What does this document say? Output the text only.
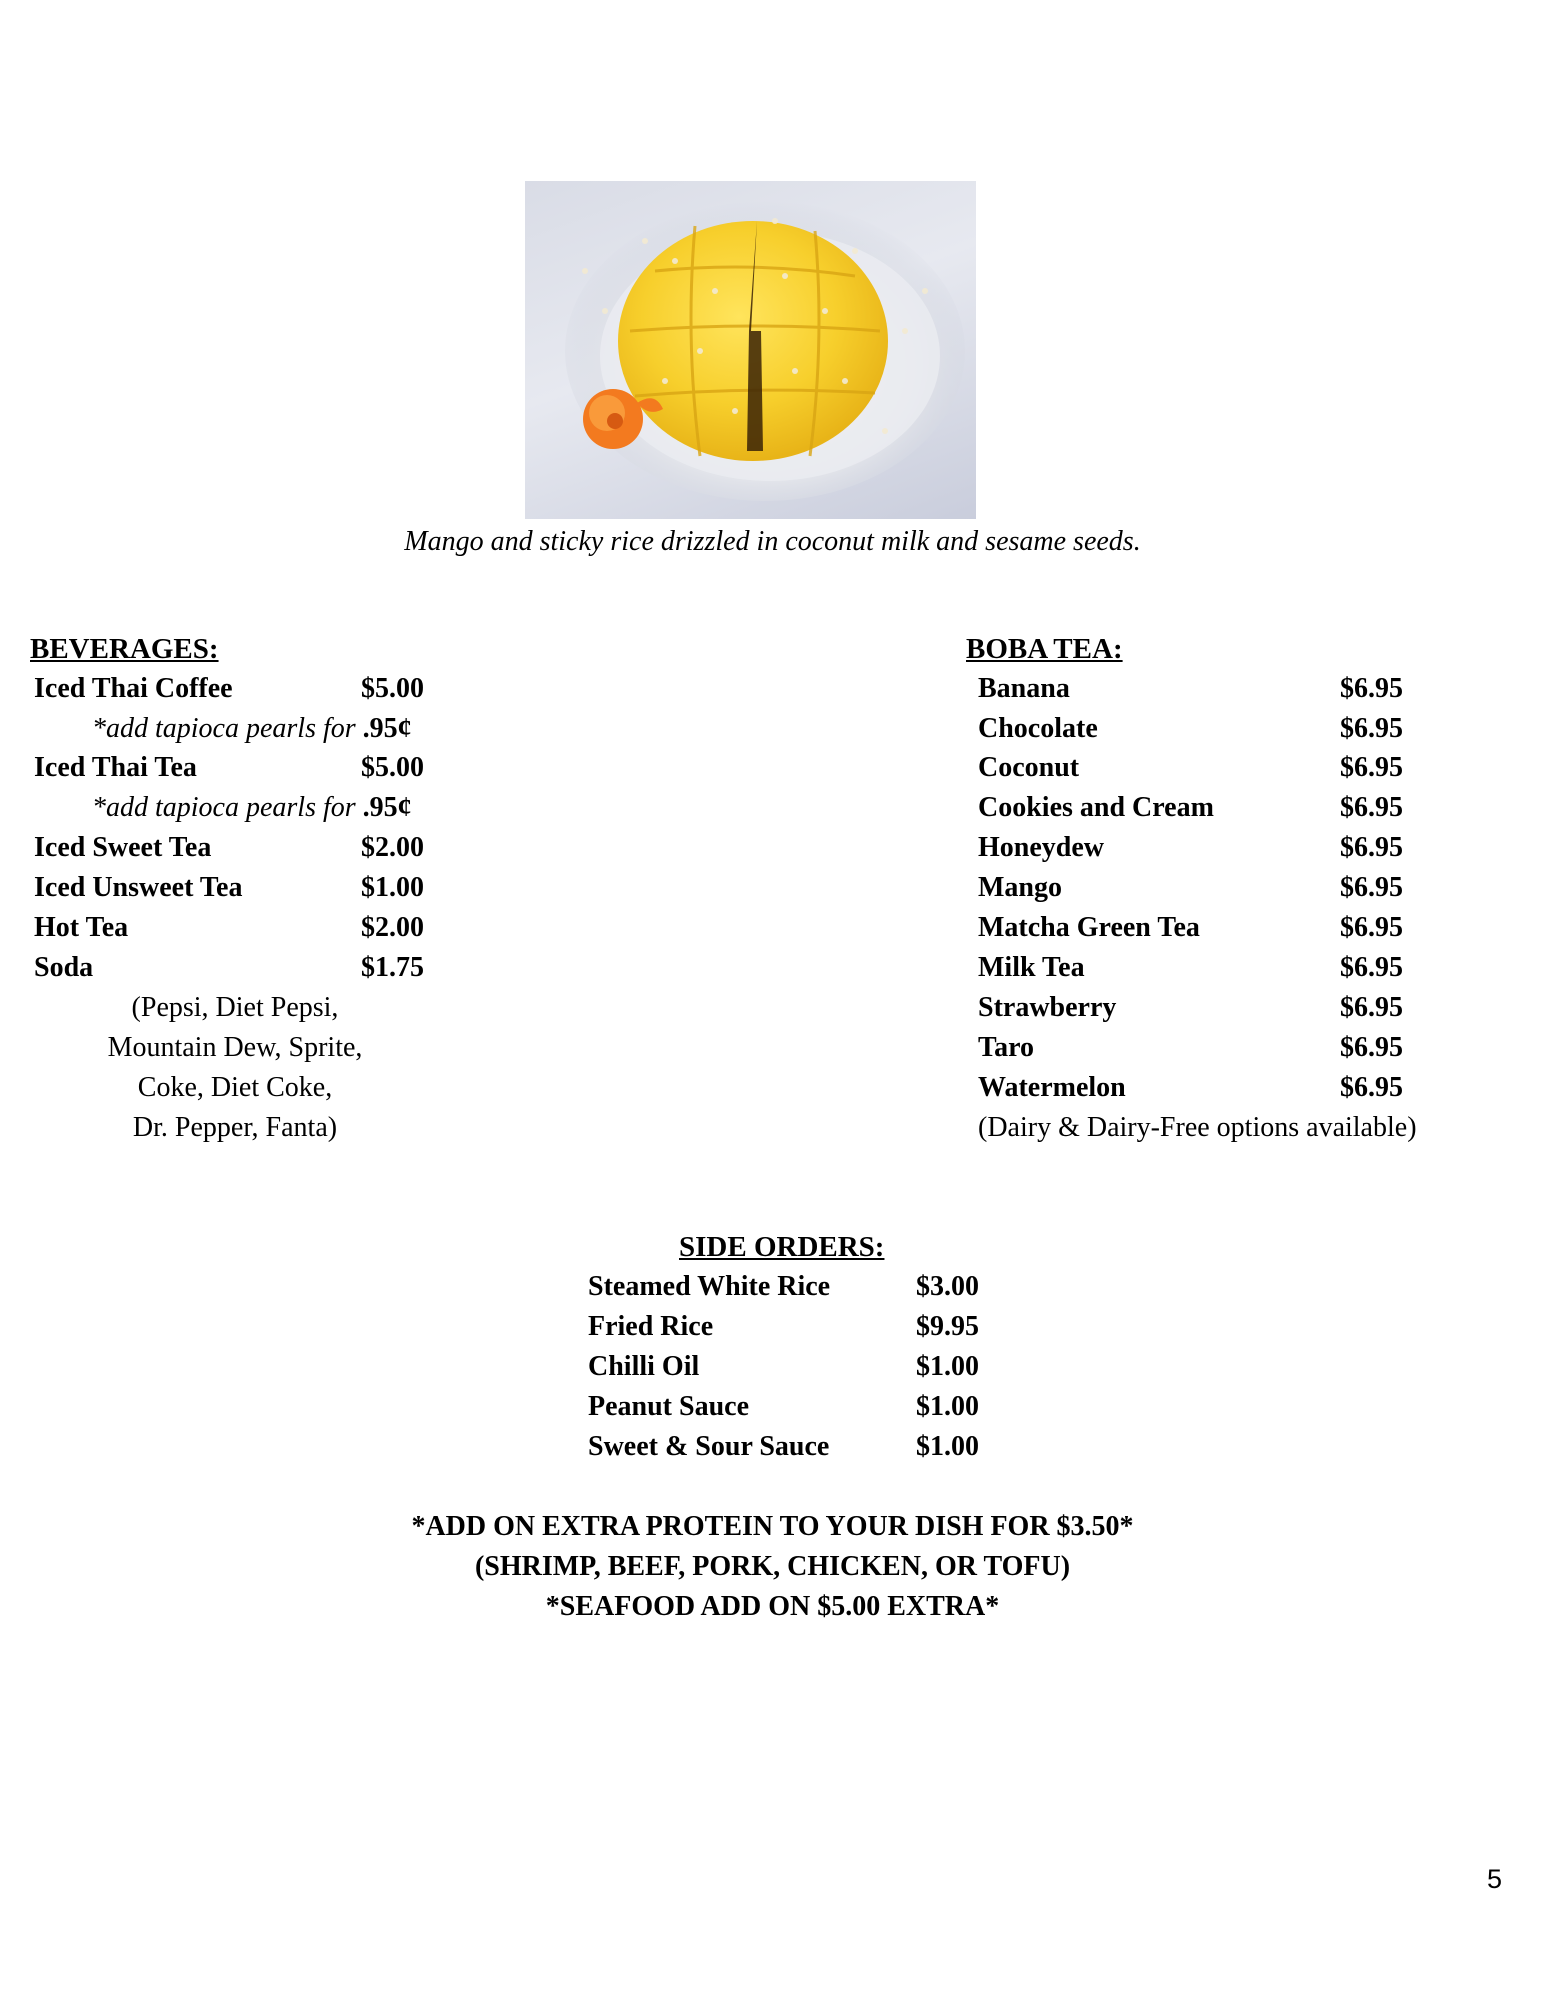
Mango and sticky rice drizzled in coconut milk and sesame seeds.
BEVERAGES:
Iced Thai Coffee	$5.00
*add tapioca pearls for .95¢
Iced Thai Tea	$5.00
*add tapioca pearls for .95¢
Iced Sweet Tea	$2.00
Iced Unsweet Tea	$1.00
Hot Tea	$2.00
Soda	$1.75
(Pepsi, Diet Pepsi,
Mountain Dew, Sprite,
Coke, Diet Coke,
Dr. Pepper, Fanta)
BOBA TEA:
Banana	$6.95
Chocolate	$6.95
Coconut	$6.95
Cookies and Cream	$6.95
Honeydew	$6.95
Mango	$6.95
Matcha Green Tea	$6.95
Milk Tea	$6.95
Strawberry	$6.95
Taro	$6.95
Watermelon	$6.95
(Dairy & Dairy-Free options available)
SIDE ORDERS:
Steamed White Rice	$3.00
Fried Rice	$9.95
Chilli Oil	$1.00
Peanut Sauce	$1.00
Sweet & Sour Sauce	$1.00
*ADD ON EXTRA PROTEIN TO YOUR DISH FOR $3.50*
(SHRIMP, BEEF, PORK, CHICKEN, OR TOFU)
*SEAFOOD ADD ON $5.00 EXTRA*
5
